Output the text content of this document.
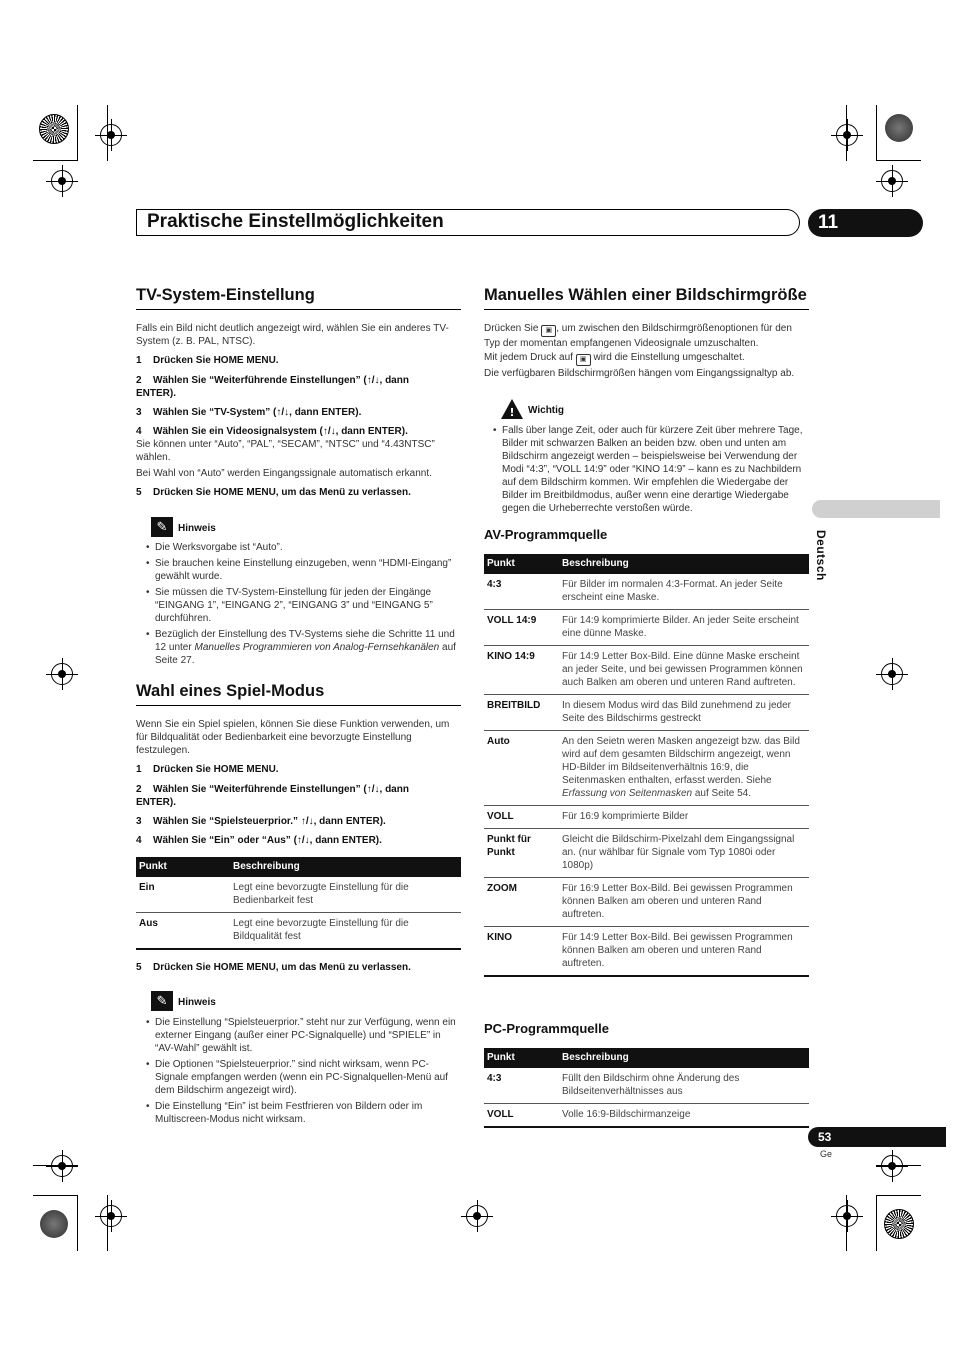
Praktische Einstellmöglichkeiten	11
TV-System-Einstellung
Falls ein Bild nicht deutlich angezeigt wird, wählen Sie ein anderes TV-System (z. B. PAL, NTSC).
1 Drücken Sie HOME MENU.
2 Wählen Sie “Weiterführende Einstellungen” (↑/↓, dann ENTER).
3 Wählen Sie “TV-System” (↑/↓, dann ENTER).
4 Wählen Sie ein Videosignalsystem (↑/↓, dann ENTER).
Sie können unter “Auto”, “PAL”, “SECAM”, “NTSC” und “4.43NTSC” wählen.
Bei Wahl von “Auto” werden Eingangssignale automatisch erkannt.
5 Drücken Sie HOME MENU, um das Menü zu verlassen.
✎	Hinweis
• Die Werksvorgabe ist “Auto”.
• Sie brauchen keine Einstellung einzugeben, wenn “HDMI-Eingang” gewählt wurde.
• Sie müssen die TV-System-Einstellung für jeden der Eingänge “EINGANG 1”, “EINGANG 2”, “EINGANG 3” und “EINGANG 5” durchführen.
• Bezüglich der Einstellung des TV-Systems siehe die Schritte 11 und 12 unter Manuelles Programmieren von Analog-Fernsehkanälen auf Seite 27.
Wahl eines Spiel-Modus
Wenn Sie ein Spiel spielen, können Sie diese Funktion verwenden, um für Bildqualität oder Bedienbarkeit eine bevorzugte Einstellung festzulegen.
1 Drücken Sie HOME MENU.
2 Wählen Sie “Weiterführende Einstellungen” (↑/↓, dann ENTER).
3 Wählen Sie “Spielsteuerprior.” ↑/↓, dann ENTER).
4 Wählen Sie “Ein” oder “Aus” (↑/↓, dann ENTER).
Punkt	Beschreibung
Ein	Legt eine bevorzugte Einstellung für die Bedienbarkeit fest
Aus	Legt eine bevorzugte Einstellung für die Bildqualität fest
5 Drücken Sie HOME MENU, um das Menü zu verlassen.
✎	Hinweis
• Die Einstellung “Spielsteuerprior.” steht nur zur Verfügung, wenn ein externer Eingang (außer einer PC-Signalquelle) und “SPIELE” in “AV-Wahl” gewählt ist.
• Die Optionen “Spielsteuerprior.” sind nicht wirksam, wenn PC-Signale empfangen werden (wenn ein PC-Signalquellen-Menü auf dem Bildschirm angezeigt wird).
• Die Einstellung “Ein” ist beim Festfrieren von Bildern oder im Multiscreen-Modus nicht wirksam.
Manuelles Wählen einer Bildschirmgröße
Drücken Sie ▣ , um zwischen den Bildschirmgrößenoptionen für den Typ der momentan empfangenen Videosignale umzuschalten.
Mit jedem Druck auf ▣ wird die Einstellung umgeschaltet.
Die verfügbaren Bildschirmgrößen hängen vom Eingangssignaltyp ab.
! Wichtig
• Falls über lange Zeit, oder auch für kürzere Zeit über mehrere Tage, Bilder mit schwarzen Balken an beiden bzw. oben und unten am Bildschirm angezeigt werden – beispielsweise bei Verwendung der Modi “4:3”, “VOLL 14:9” oder “KINO 14:9” – kann es zu Nachbildern auf dem Bildschirm kommen. Wir empfehlen die Wiedergabe der Bilder im Breitbildmodus, außer wenn eine derartige Wiedergabe gegen die Urheberrechte verstoßen würde.
AV-Programmquelle
Punkt	Beschreibung
4:3	Für Bilder im normalen 4:3-Format. An jeder Seite erscheint eine Maske.
VOLL 14:9	Für 14:9 komprimierte Bilder. An jeder Seite erscheint eine dünne Maske.
KINO 14:9	Für 14:9 Letter Box-Bild. Eine dünne Maske erscheint an jeder Seite, und bei gewissen Programmen können auch Balken am oberen und unteren Rand auftreten.
BREITBILD	In diesem Modus wird das Bild zunehmend zu jeder Seite des Bildschirms gestreckt
Auto	An den Seietn weren Masken angezeigt bzw. das Bild wird auf dem gesamten Bildschirm angezeigt, wenn HD-Bilder im Bildseitenverhältnis 16:9, die Seitenmasken enthalten, erfasst werden. Siehe Erfassung von Seitenmasken auf Seite 54.
VOLL	Für 16:9 komprimierte Bilder
Punkt für Punkt	Gleicht die Bildschirm-Pixelzahl dem Eingangssignal an. (nur wählbar für Signale vom Typ 1080i oder 1080p)
ZOOM	Für 16:9 Letter Box-Bild. Bei gewissen Programmen können Balken am oberen und unteren Rand auftreten.
KINO	Für 14:9 Letter Box-Bild. Bei gewissen Programmen können Balken am oberen und unteren Rand auftreten.
PC-Programmquelle
Punkt	Beschreibung
4:3	Füllt den Bildschirm ohne Änderung des Bildseitenverhältnisses aus
VOLL	Volle 16:9-Bildschirmanzeige
Deutsch
53
Ge
